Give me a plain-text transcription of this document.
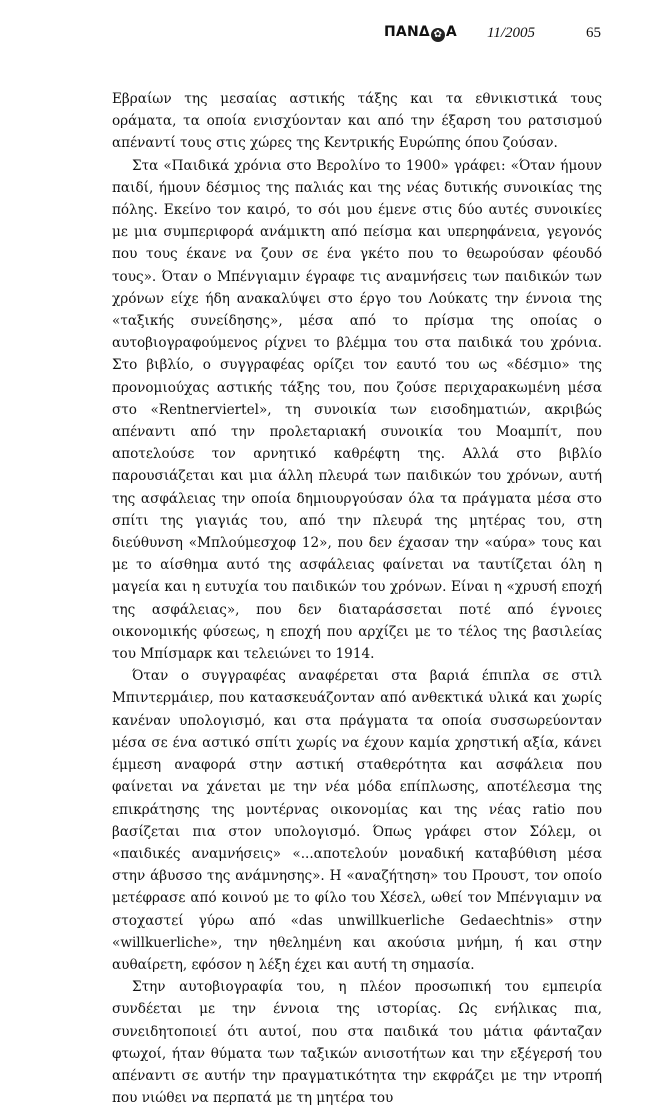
ΠΑΝΔ ✿ Α 11/2005	65

Εβραίων της μεσαίας αστικής τάξης και τα εθνικιστικά τους οράματα, τα οποία ενισχύονταν και από την έξαρση του ρατσισμού απέναντί τους στις χώρες της Κεντρικής Ευρώπης όπου ζούσαν.

Στα «Παιδικά χρόνια στο Βερολίνο το 1900» γράφει: «Όταν ήμουν παιδί, ήμουν δέσμιος της παλιάς και της νέας δυτικής συνοικίας της πόλης. Εκείνο τον καιρό, το σόι μου έμενε στις δύο αυτές συνοικίες με μια συμπεριφορά ανάμικτη από πείσμα και υπερηφάνεια, γεγονός που τους έκανε να ζουν σε ένα γκέτο που το θεωρούσαν φέουδό τους». Όταν ο Μπένγιαμιν έγραφε τις αναμνήσεις των παιδικών των χρόνων είχε ήδη ανακαλύψει στο έργο του Λούκατς την έννοια της «ταξικής συνείδησης», μέσα από το πρίσμα της οποίας ο αυτοβιογραφούμενος ρίχνει το βλέμμα του στα παιδικά του χρόνια. Στο βιβλίο, ο συγγραφέας ορίζει τον εαυτό του ως «δέσμιο» της προνομιούχας αστικής τάξης του, που ζούσε περιχαρακωμένη μέσα στο «Rentnerviertel», τη συνοικία των εισοδηματιών, ακριβώς απέναντι από την προλεταριακή συνοικία του Μοαμπίτ, που αποτελούσε τον αρνητικό καθρέφτη της. Αλλά στο βιβλίο παρουσιάζεται και μια άλλη πλευρά των παιδικών του χρόνων, αυτή της ασφάλειας την οποία δημιουργούσαν όλα τα πράγματα μέσα στο σπίτι της γιαγιάς του, από την πλευρά της μητέρας του, στη διεύθυνση «Μπλούμεσχοφ 12», που δεν έχασαν την «αύρα» τους και με το αίσθημα αυτό της ασφάλειας φαίνεται να ταυτίζεται όλη η μαγεία και η ευτυχία του παιδικών του χρόνων. Είναι η «χρυσή εποχή της ασφάλειας», που δεν διαταράσσεται ποτέ από έγνοιες οικονομικής φύσεως, η εποχή που αρχίζει με το τέλος της βασιλείας του Μπίσμαρκ και τελειώνει το 1914.

Όταν ο συγγραφέας αναφέρεται στα βαριά έπιπλα σε στιλ Μπιντερμάιερ, που κατασκευάζονταν από ανθεκτικά υλικά και χωρίς κανέναν υπολογισμό, και στα πράγματα τα οποία συσσωρεύονταν μέσα σε ένα αστικό σπίτι χωρίς να έχουν καμία χρηστική αξία, κάνει έμμεση αναφορά στην αστική σταθερότητα και ασφάλεια που φαίνεται να χάνεται με την νέα μόδα επίπλωσης, αποτέλεσμα της επικράτησης της μοντέρνας οικονομίας και της νέας ratio που βασίζεται πια στον υπολογισμό. Όπως γράφει στον Σόλεμ, οι «παιδικές αναμνήσεις» «...αποτελούν μοναδική καταβύθιση μέσα στην άβυσσο της ανάμνησης». Η «αναζήτηση» του Προυστ, τον οποίο μετέφρασε από κοινού με το φίλο του Χέσελ, ωθεί τον Μπένγιαμιν να στοχαστεί γύρω από «das unwillkuerliche Gedaechtnis» στην «willkuerliche», την ηθελημένη και ακούσια μνήμη, ή και στην αυθαίρετη, εφόσον η λέξη έχει και αυτή τη σημασία.

Στην αυτοβιογραφία του, η πλέον προσωπική του εμπειρία συνδέεται με την έννοια της ιστορίας. Ως ενήλικας πια, συνειδητοποιεί ότι αυτοί, που στα παιδικά του μάτια φάνταζαν φτωχοί, ήταν θύματα των ταξικών ανισοτήτων και την εξέγερσή του απέναντι σε αυτήν την πραγματικότητα την εκφράζει με την ντροπή που νιώθει να περπατά με τη μητέρα του
